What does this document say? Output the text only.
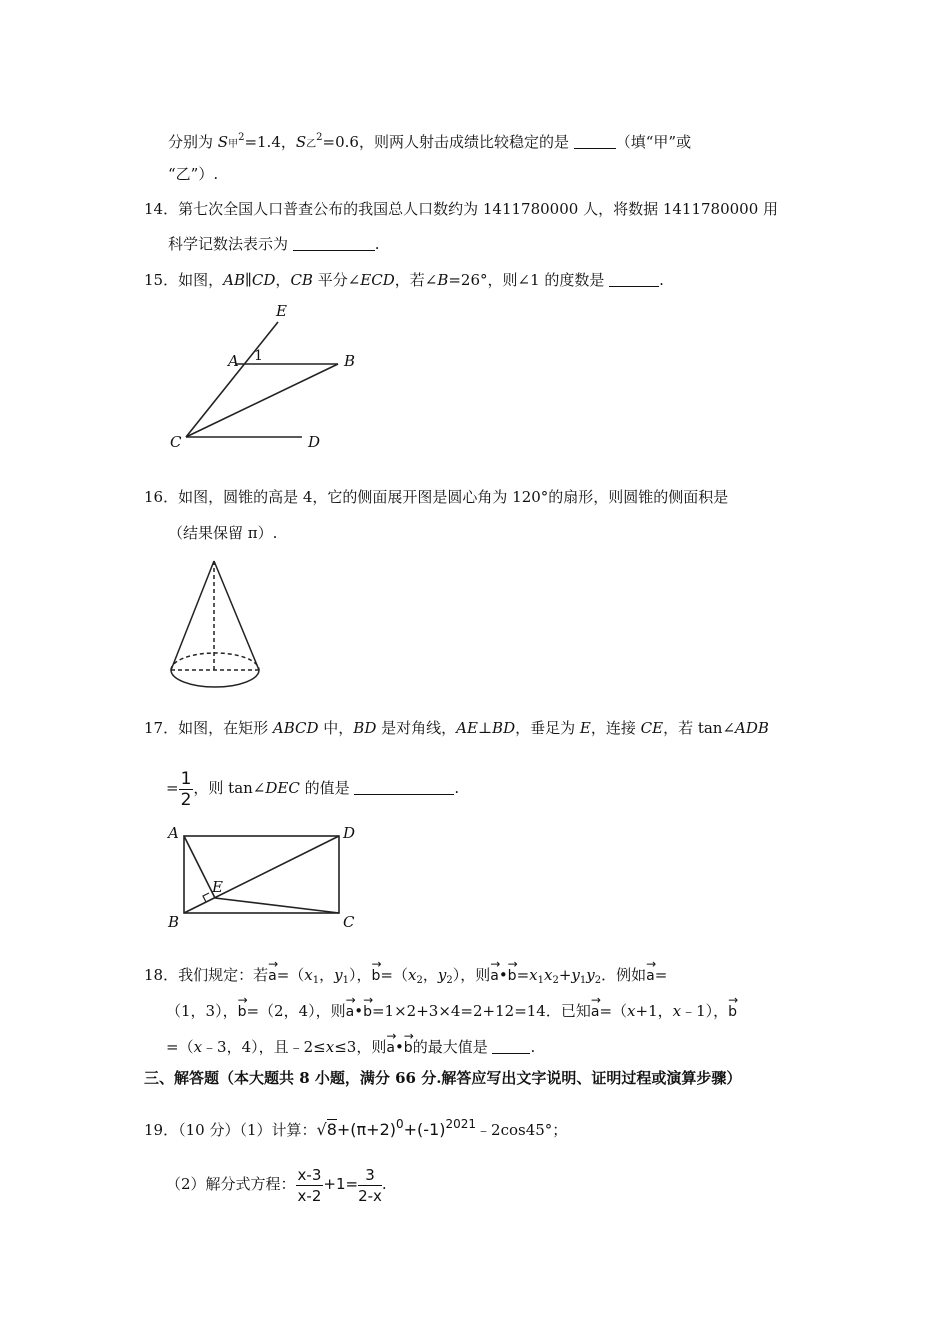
分别为 S甲$^2$=1.4，S乙$^2$=0.6，则两人射击成绩比较稳定的是	（填“甲”或
“乙”）.
14．第七次全国人口普查公布的我国总人口数约为 1411780000 人，将数据 1411780000 用
科学记数法表示为	.
15．如图，AB∥CD，CB 平分∠ECD，若∠B=26°，则∠1 的度数是	.
E
A 1	B
C	D
A	D
E
B	C
16．如图，圆锥的高是 4，它的侧面展开图是圆心角为 120°的扇形，则圆锥的侧面积是
（结果保留 π）.
17．如图，在矩形 ABCD 中，BD 是对角线，AE⊥BD，垂足为 E，连接 CE，若 tan∠ADB
= $\frac{1}{2}$ ，则 tan∠DEC 的值是	.
18．我们规定：若→ $a=(x_1$，$y_1$），→ $b=(x_2$，$y_2$），则→ a•→ $b=x_1x_2+y_1y_2$．例如→ a=
（1，3），→ b=（2，4），则→ a•→ b=1×2+3×4=2+12=14．已知→ a=（x+1，x﹣1），→ b
=（x﹣3，4），且﹣2≤x≤3，则→ a•→ b的最大值是	.
三、解答题（本大题共 8 小题，满分 66 分.解答应写出文字说明、证明过程或演算步骤）
19．（10 分）（1）计算：$√8+(\pi+2)^0+(-1)^{2021}﹣2\cos 45^\circ$；
（2）解分式方程： $\frac{x-3}{x-2} +1= \frac{3}{2-x}$ .
